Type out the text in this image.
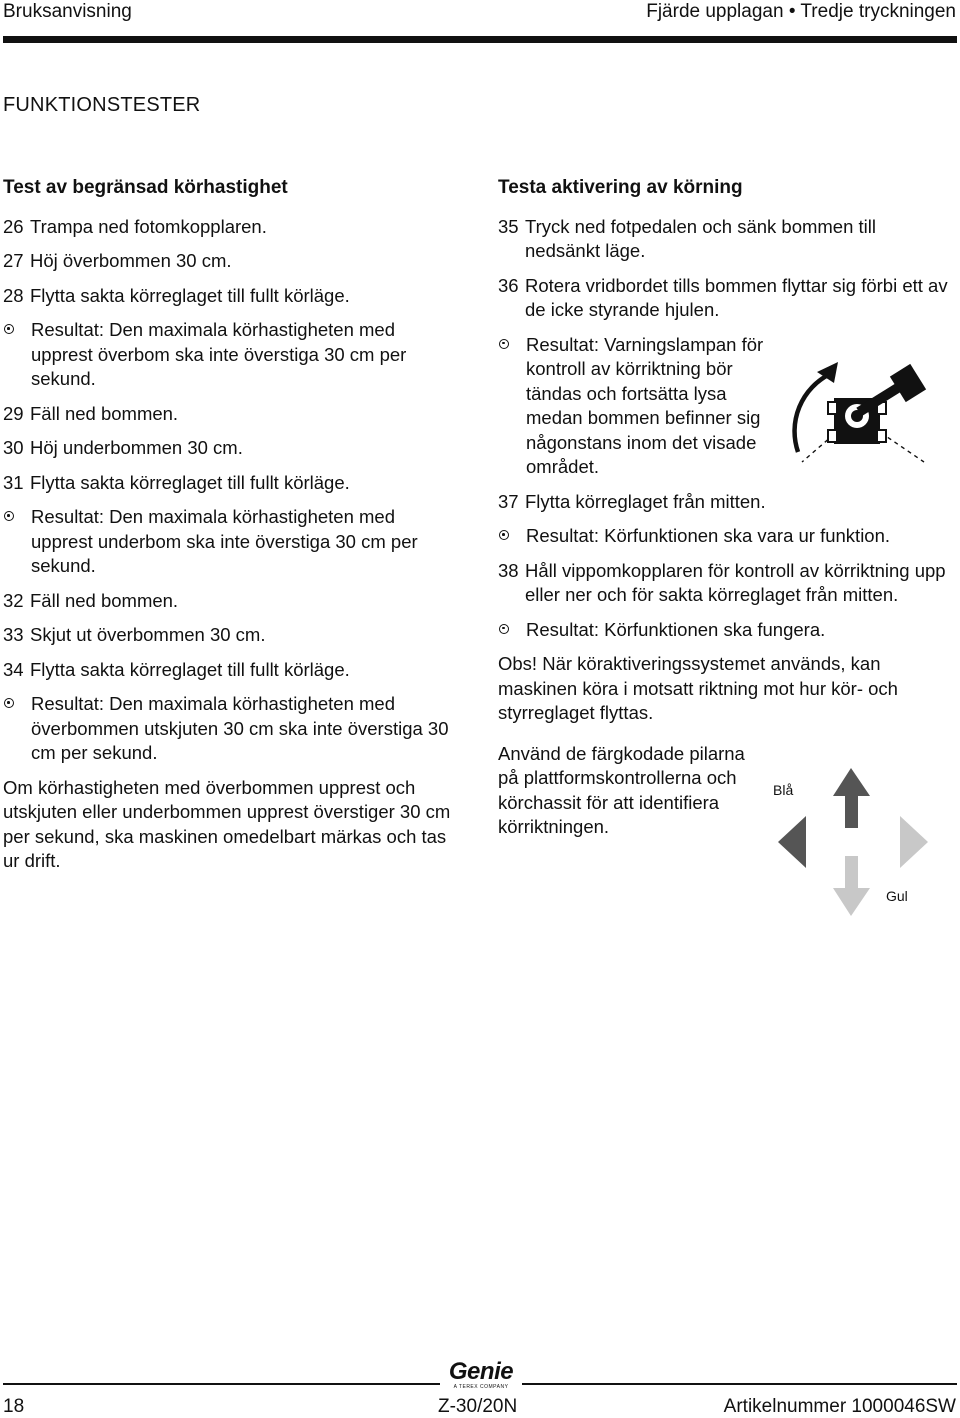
Bruksanvisning	Fjärde upplagan • Tredje tryckningen
FUNKTIONSTESTER
Test av begränsad körhastighet
26 Trampa ned fotomkopplaren.
27 Höj överbommen 30 cm.
28 Flytta sakta körreglaget till fullt körläge.
Resultat: Den maximala körhastigheten med upprest överbom ska inte överstiga 30 cm per sekund.
29 Fäll ned bommen.
30 Höj underbommen 30 cm.
31 Flytta sakta körreglaget till fullt körläge.
Resultat: Den maximala körhastigheten med upprest underbom ska inte överstiga 30 cm per sekund.
32 Fäll ned bommen.
33 Skjut ut överbommen 30 cm.
34 Flytta sakta körreglaget till fullt körläge.
Resultat: Den maximala körhastigheten med överbommen utskjuten 30 cm ska inte överstiga 30 cm per sekund.
Om körhastigheten med överbommen upprest och utskjuten eller underbommen upprest överstiger 30 cm per sekund, ska maskinen omedelbart märkas och tas ur drift.
Testa aktivering av körning
35 Tryck ned fotpedalen och sänk bommen till nedsänkt läge.
36 Rotera vridbordet tills bommen flyttar sig förbi ett av de icke styrande hjulen.
Resultat: Varningslampan för kontroll av körriktning bör tändas och fortsätta lysa medan bommen befinner sig någonstans inom det visade området.
37 Flytta körreglaget från mitten.
Resultat: Körfunktionen ska vara ur funktion.
38 Håll vippomkopplaren för kontroll av körriktning upp eller ner och för sakta körreglaget från mitten.
Resultat: Körfunktionen ska fungera.
Obs! När köraktiveringssystemet används, kan maskinen köra i motsatt riktning mot hur kör- och styrreglaget flyttas.
Använd de färgkodade pilarna på plattformskontrollerna och körchassit för att identifiera körriktningen.
Blå
Gul
Genie
A TEREX COMPANY
18	Z-30/20N	Artikelnummer 1000046SW
